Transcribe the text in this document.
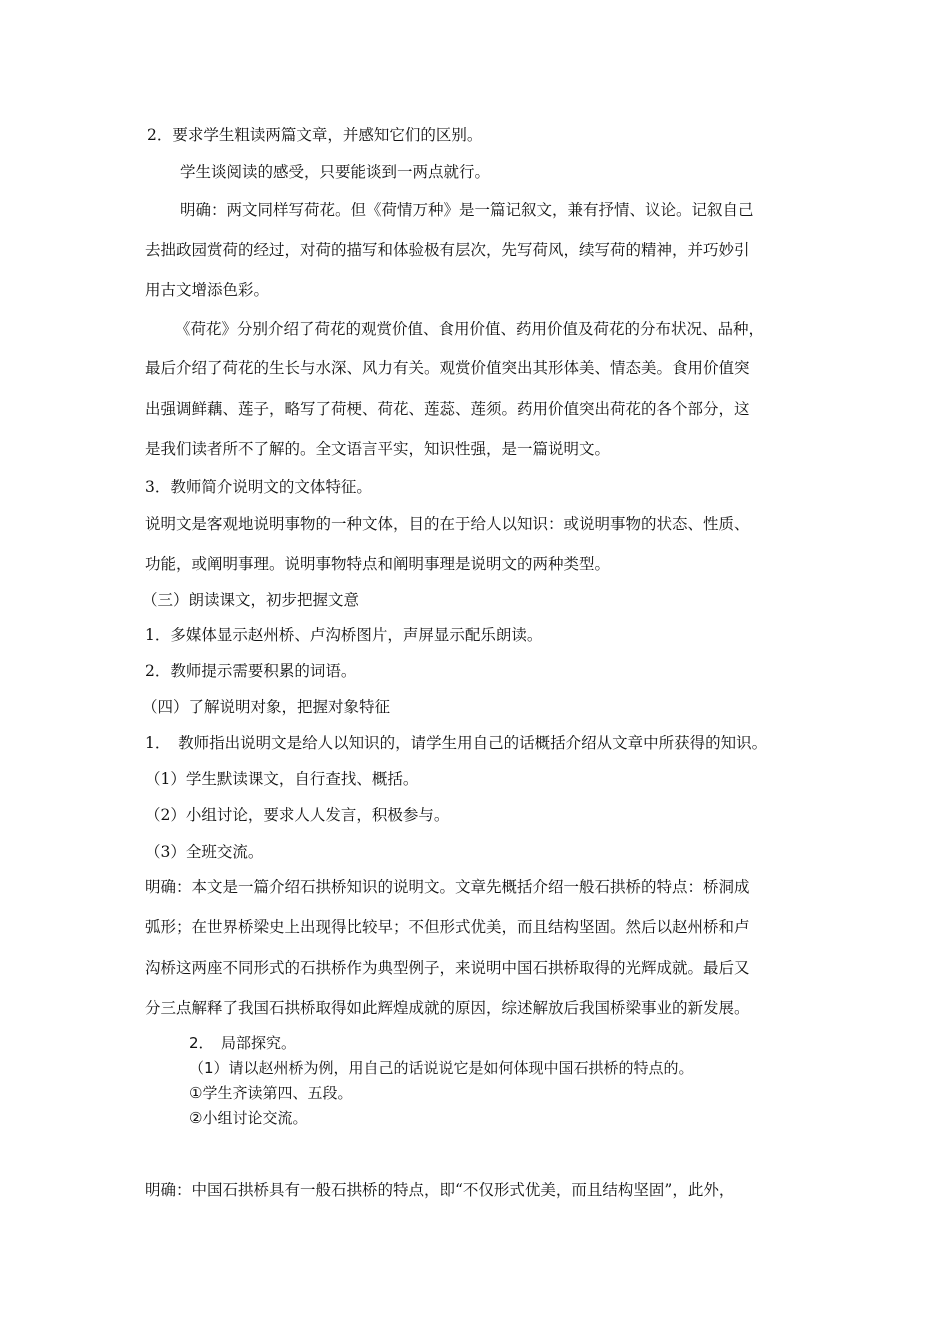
2．要求学生粗读两篇文章，并感知它们的区别。
学生谈阅读的感受，只要能谈到一两点就行。
明确：两文同样写荷花。但《荷情万种》是一篇记叙文，兼有抒情、议论。记叙自己
去拙政园赏荷的经过，对荷的描写和体验极有层次，先写荷风，续写荷的精神，并巧妙引
用古文增添色彩。
《荷花》分别介绍了荷花的观赏价值、食用价值、药用价值及荷花的分布状况、品种，
最后介绍了荷花的生长与水深、风力有关。观赏价值突出其形体美、情态美。食用价值突
出强调鲜藕、莲子，略写了荷梗、荷花、莲蕊、莲须。药用价值突出荷花的各个部分，这
是我们读者所不了解的。全文语言平实，知识性强，是一篇说明文。
3．教师简介说明文的文体特征。
说明文是客观地说明事物的一种文体，目的在于给人以知识：或说明事物的状态、性质、
功能，或阐明事理。说明事物特点和阐明事理是说明文的两种类型。
（三）朗读课文，初步把握文意
1．多媒体显示赵州桥、卢沟桥图片，声屏显示配乐朗读。
2．教师提示需要积累的词语。
（四）了解说明对象，把握对象特征
1．　教师指出说明文是给人以知识的，请学生用自己的话概括介绍从文章中所获得的知识。
（1）学生默读课文，自行查找、概括。
（2）小组讨论，要求人人发言，积极参与。
（3）全班交流。
明确：本文是一篇介绍石拱桥知识的说明文。文章先概括介绍一般石拱桥的特点：桥洞成
弧形；在世界桥梁史上出现得比较早；不但形式优美，而且结构坚固。然后以赵州桥和卢
沟桥这两座不同形式的石拱桥作为典型例子，来说明中国石拱桥取得的光辉成就。最后又
分三点解释了我国石拱桥取得如此辉煌成就的原因，综述解放后我国桥梁事业的新发展。
2．　局部探究。
（1）请以赵州桥为例，用自己的话说说它是如何体现中国石拱桥的特点的。
①学生齐读第四、五段。
②小组讨论交流。
明确：中国石拱桥具有一般石拱桥的特点，即“不仅形式优美，而且结构坚固”，此外，
